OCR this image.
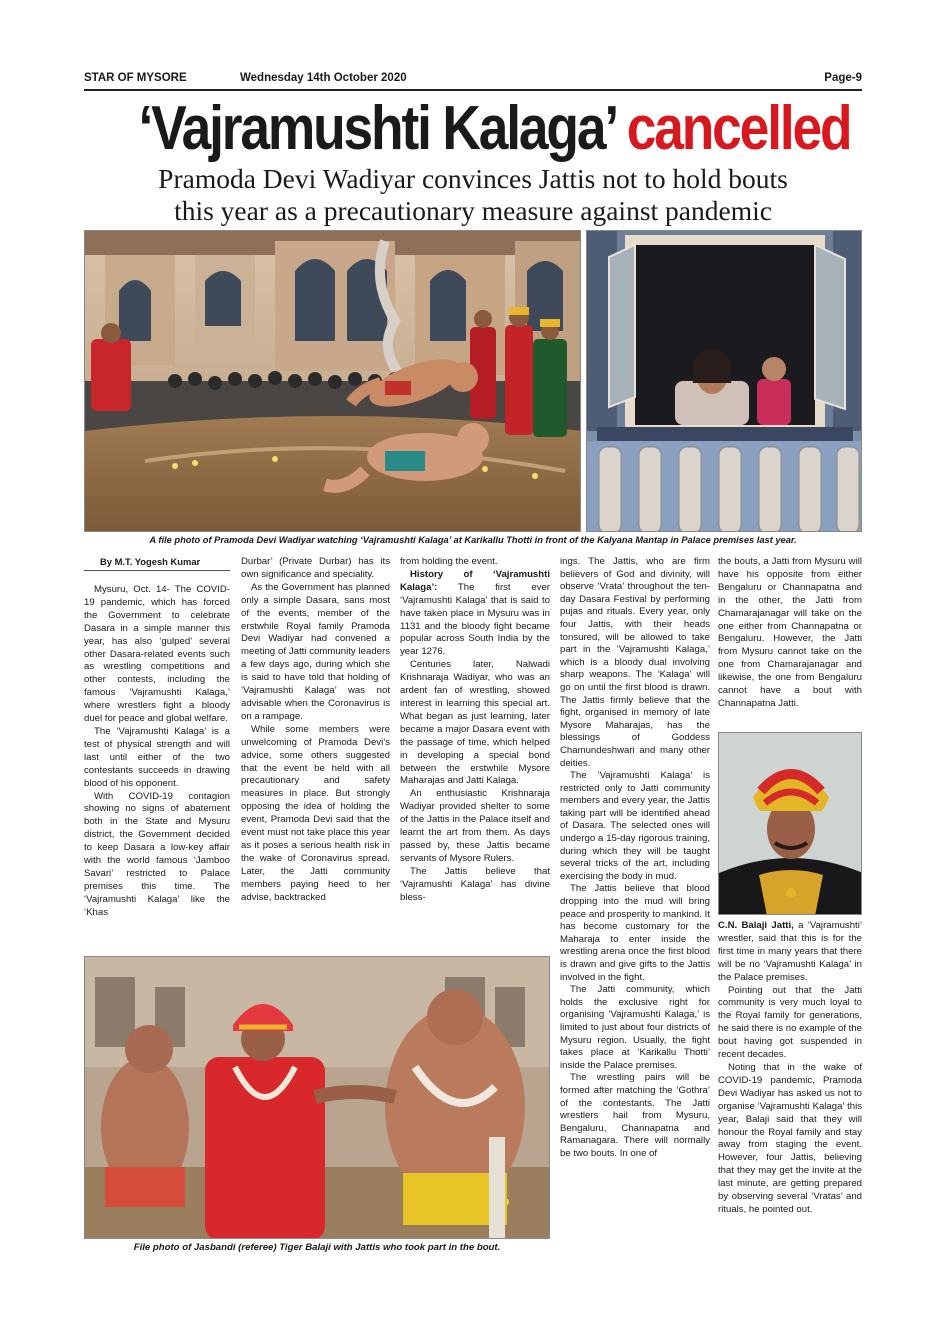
STAR OF MYSORE	Wednesday 14th October 2020	Page-9
‘Vajramushti Kalaga’ cancelled
Pramoda Devi Wadiyar convinces Jattis not to hold bouts
this year as a precautionary measure against pandemic
A file photo of Pramoda Devi Wadiyar watching ‘Vajramushti Kalaga’ at Karikallu Thotti in front of the Kalyana Mantap in Palace premises last year.
By M.T. Yogesh Kumar

Mysuru, Oct. 14- The COVID-19 pandemic, which has forced the Government to celebrate Dasara in a simple manner this year, has also ‘gulped’ several other Dasara-related events such as wrestling competitions and other contests, including the famous ‘Vajramushti Kalaga,’ where wrestlers fight a bloody duel for peace and global welfare.

The ‘Vajramushti Kalaga’ is a test of physical strength and will last until either of the two contestants succeeds in drawing blood of his opponent.

With COVID-19 contagion showing no signs of abatement both in the State and Mysuru district, the Government decided to keep Dasara a low-key affair with the world famous ‘Jamboo Savari’ restricted to Palace premises this time. The ‘Vajramushti Kalaga’ like the ‘Khas

Durbar’ (Private Durbar) has its own significance and speciality.

As the Government has planned only a simple Dasara, sans most of the events, member of the erstwhile Royal family Pramoda Devi Wadiyar had convened a meeting of Jatti community leaders a few days ago, during which she is said to have told that holding of ‘Vajramushti Kalaga’ was not advisable when the Coronavirus is on a rampage.

While some members were unwelcoming of Pramoda Devi’s advice, some others suggested that the event be held with all precautionary and safety measures in place. But strongly opposing the idea of holding the event, Pramoda Devi said that the event must not take place this year as it poses a serious health risk in the wake of Coronavirus spread. Later, the Jatti community members paying heed to her advise, backtracked

from holding the event.

History of ‘Vajramushti Kalaga’: The first ever ‘Vajramushti Kalaga’ that is said to have taken place in Mysuru was in 1131 and the bloody fight became popular across South India by the year 1276.

Centuries later, Nalwadi Krishnaraja Wadiyar, who was an ardent fan of wrestling, showed interest in learning this special art. What began as just learning, later became a major Dasara event with the passage of time, which helped in developing a special bond between the erstwhile Mysore Maharajas and Jatti Kalaga.

An enthusiastic Krishnaraja Wadiyar provided shelter to some of the Jattis in the Palace itself and learnt the art from them. As days passed by, these Jattis became servants of Mysore Rulers.

The Jattis believe that ‘Vajramushti Kalaga’ has divine bless-

ings. The Jattis, who are firm believers of God and divinity, will observe ‘Vrata’ throughout the ten-day Dasara Festival by performing pujas and rituals. Every year, only four Jattis, with their heads tonsured, will be allowed to take part in the ‘Vajramushti Kalaga,’ which is a bloody dual involving sharp weapons. The ‘Kalaga’ will go on until the first blood is drawn. The Jattis firmly believe that the fight, organised in memory of late Mysore Maharajas, has the blessings of Goddess Chamundeshwari and many other deities.

The ‘Vajramushti Kalaga’ is restricted only to Jatti community members and every year, the Jattis taking part will be identified ahead of Dasara. The selected ones will undergo a 15-day rigorous training, during which they will be taught several tricks of the art, including exercising the body in mud.

The Jattis believe that blood dropping into the mud will bring peace and prosperity to mankind. It has become customary for the Maharaja to enter inside the wrestling arena once the first blood is drawn and give gifts to the Jattis involved in the fight.

The Jatti community, which holds the exclusive right for organising ‘Vajramushti Kalaga,’ is limited to just about four districts of Mysuru region. Usually, the fight takes place at ‘Karikallu Thotti’ inside the Palace premises.

The wrestling pairs will be formed after matching the ‘Gothra’ of the contestants. The Jatti wrestlers hail from Mysuru, Bengaluru, Channapatna and Ramanagara. There will normally be two bouts. In one of

the bouts, a Jatti from Mysuru will have his opposite from either Bengaluru or Channapatna and in the other, the Jatti from Chamarajanagar will take on the one either from Channapatna or Bengaluru. However, the Jatti from Mysuru cannot take on the one from Chamarajanagar and likewise, the one from Bengaluru cannot have a bout with Channapatna Jatti.

C.N. Balaji Jatti, a ‘Vajramushti’ wrestler, said that this is for the first time in many years that there will be no ‘Vajramushti Kalaga’ in the Palace premises.

Pointing out that the Jatti community is very much loyal to the Royal family for generations, he said there is no example of the bout having got suspended in recent decades.

Noting that in the wake of COVID-19 pandemic, Pramoda Devi Wadiyar has asked us not to organise ‘Vajramushti Kalaga’ this year, Balaji said that they will honour the Royal family and stay away from staging the event. However, four Jattis, believing that they may get the invite at the last minute, are getting prepared by observing several ‘Vratas’ and rituals, he pointed out.

File photo of Jasbandi (referee) Tiger Balaji with Jattis who took part in the bout.
